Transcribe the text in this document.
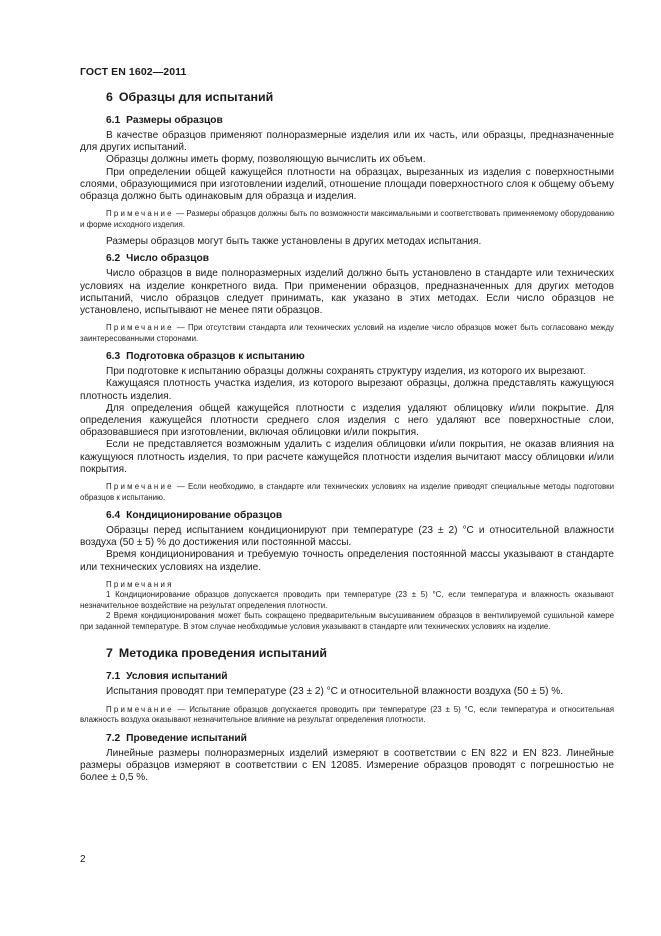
ГОСТ EN 1602—2011
6 Образцы для испытаний
6.1 Размеры образцов

В качестве образцов применяют полноразмерные изделия или их часть, или образцы, предназначенные для других испытаний.

Образцы должны иметь форму, позволяющую вычислить их объем.

При определении общей кажущейся плотности на образцах, вырезанных из изделия с поверхностными слоями, образующимися при изготовлении изделий, отношение площади поверхностного слоя к общему объему образца должно быть одинаковым для образца и изделия.

Примечание — Размеры образцов должны быть по возможности максимальными и соответствовать применяемому оборудованию и форме исходного изделия.

Размеры образцов могут быть также установлены в других методах испытания.

6.2 Число образцов

Число образцов в виде полноразмерных изделий должно быть установлено в стандарте или технических условиях на изделие конкретного вида. При применении образцов, предназначенных для других методов испытаний, число образцов следует принимать, как указано в этих методах. Если число образцов не установлено, испытывают не менее пяти образцов.

Примечание — При отсутствии стандарта или технических условий на изделие число образцов может быть согласовано между заинтересованными сторонами.

6.3 Подготовка образцов к испытанию

При подготовке к испытанию образцы должны сохранять структуру изделия, из которого их вырезают.

Кажущаяся плотность участка изделия, из которого вырезают образцы, должна представлять кажущуюся плотность изделия.

Для определения общей кажущейся плотности с изделия удаляют облицовку и/или покрытие. Для определения кажущейся плотности среднего слоя изделия с него удаляют все поверхностные слои, образовавшиеся при изготовлении, включая облицовки и/или покрытия.

Если не представляется возможным удалить с изделия облицовки и/или покрытия, не оказав влияния на кажущуюся плотность изделия, то при расчете кажущейся плотности изделия вычитают массу облицовки и/или покрытия.

Примечание — Если необходимо, в стандарте или технических условиях на изделие приводят специальные методы подготовки образцов к испытанию.

6.4 Кондиционирование образцов

Образцы перед испытанием кондиционируют при температуре (23 ± 2) °С и относительной влажности воздуха (50 ± 5) % до достижения или постоянной массы.

Время кондиционирования и требуемую точность определения постоянной массы указывают в стандарте или технических условиях на изделие.

Примечания

1 Кондиционирование образцов допускается проводить при температуре (23 ± 5) °С, если температура и влажность оказывают незначительное воздействие на результат определения плотности.

2 Время кондиционирования может быть сокращено предварительным высушиванием образцов в вентилируемой сушильной камере при заданной температуре. В этом случае необходимые условия указывают в стандарте или технических условиях на изделие.

7 Методика проведения испытаний
7.1 Условия испытаний

Испытания проводят при температуре (23 ± 2) °С и относительной влажности воздуха (50 ± 5) %.

Примечание — Испытание образцов допускается проводить при температуре (23 ± 5) °С, если температура и относительная влажность воздуха оказывают незначительное влияние на результат определения плотности.

7.2 Проведение испытаний

Линейные размеры полноразмерных изделий измеряют в соответствии с EN 822 и EN 823. Линейные размеры образцов измеряют в соответствии с EN 12085. Измерение образцов проводят с погрешностью не более ± 0,5 %.

2
